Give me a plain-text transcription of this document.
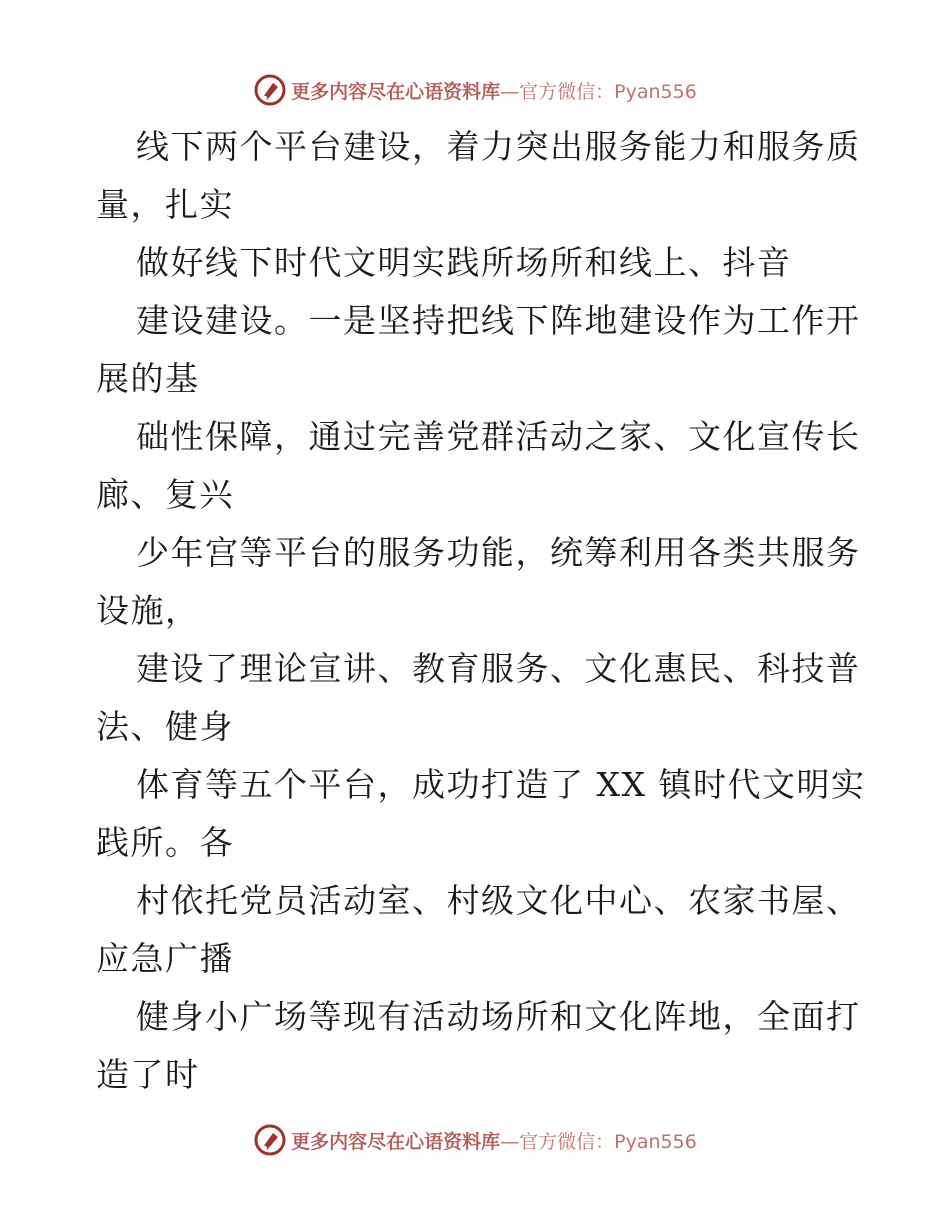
更多内容尽在心语资料库 —官方微信：Pyan556

线下两个平台建设，着力突出服务能力和服务质量，扎实

做好线下时代文明实践所场所和线上、抖音

建设建设。一是坚持把线下阵地建设作为工作开展的基

础性保障，通过完善党群活动之家、文化宣传长廊、复兴

少年宫等平台的服务功能，统筹利用各类共服务设施，

建设了理论宣讲、教育服务、文化惠民、科技普法、健身

体育等五个平台，成功打造了 XX 镇时代文明实践所。各

村依托党员活动室、村级文化中心、农家书屋、应急广播

健身小广场等现有活动场所和文化阵地，全面打造了时

更多内容尽在心语资料库 —官方微信：Pyan556
